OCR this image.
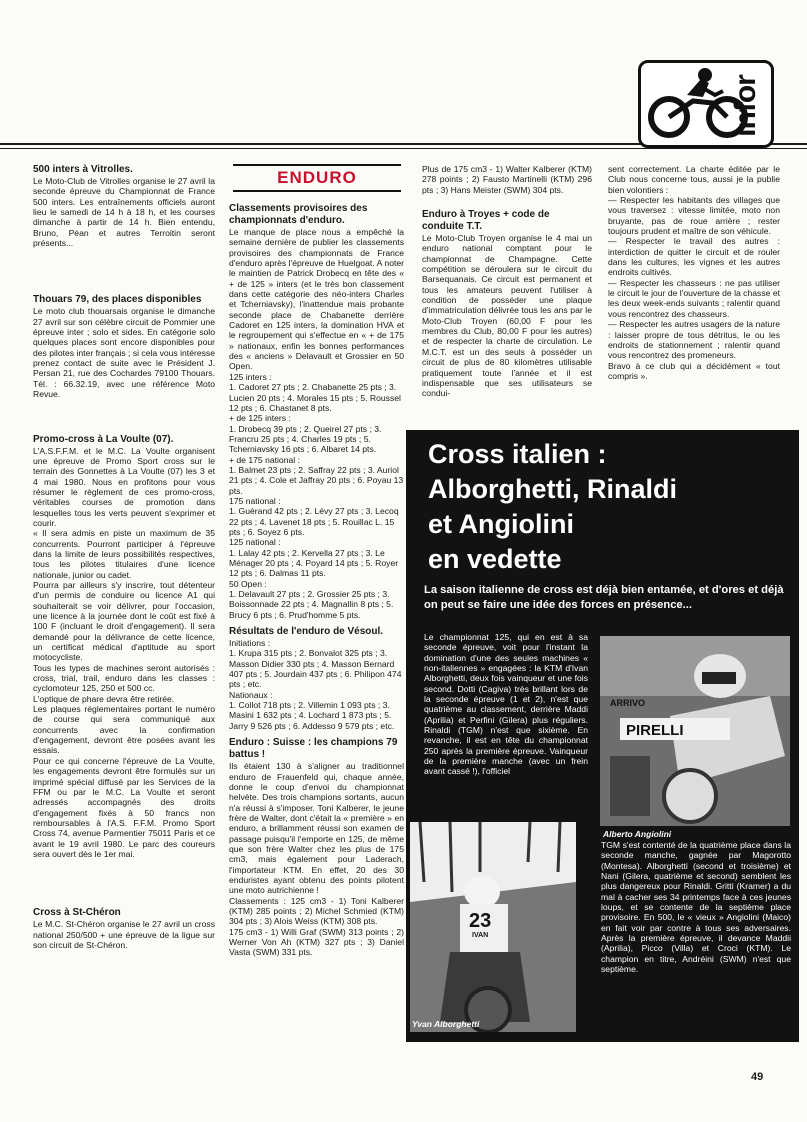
infor
500 inters à Vitrolles.

Le Moto-Club de Vitrolles organise le 27 avril la seconde épreuve du Championnat de France 500 inters. Les entraînements officiels auront lieu le samedi de 14 h à 18 h, et les courses dimanche à partir de 14 h. Bien entendu, Bruno, Péan et autres Terroitin seront présents...

Thouars 79, des places disponibles

Le moto club thouarsais organise le dimanche 27 avril sur son célèbre circuit de Pommier une épreuve inter ; solo et sides. En catégorie solo quelques places sont encore disponibles pour des pilotes inter français ; si cela vous intéresse prenez contact de suite avec le Président J. Persan 21, rue des Cochardes 79100 Thouars. Tél. : 66.32.19, avec une référence Moto Revue.

Promo-cross à La Voulte (07).

L'A.S.F.F.M. et le M.C. La Voulte organisent une épreuve de Promo Sport cross sur le terrain des Gonnettes à La Voulte (07) les 3 et 4 mai 1980. Nous en profitons pour vous résumer le règlement de ces promo-cross, véritables courses de promotion dans lesquelles tous les verts peuvent s'exprimer et courir.
« Il sera admis en piste un maximum de 35 concurrents. Pourront participer à l'épreuve dans la limite de leurs possibilités respectives, tous les pilotes titulaires d'une licence nationale, junior ou cadet.
Pourra par ailleurs s'y inscrire, tout détenteur d'un permis de conduire ou licence A1 qui souhaiterait se voir délivrer, pour l'occasion, une licence à la journée dont le coût est fixé à 100 F (incluant le droit d'engagement). Il sera demandé pour la délivrance de cette licence, un certificat médical d'aptitude au sport motocycliste.
Tous les types de machines seront autorisés : cross, trial, trail, enduro dans les classes : cyclomoteur 125, 250 et 500 cc.
L'optique de phare devra être retirée.
Les plaques réglementaires portant le numéro de course qui sera communiqué aux concurrents avec la confirmation d'engagement, devront être posées avant les essais.
Pour ce qui concerne l'épreuve de La Voulte, les engagements devront être formulés sur un imprimé spécial diffusé par les Services de la FFM ou par le M.C. La Voulte et seront adressés accompagnés des droits d'engagement fixés à 50 francs non remboursables à l'A.S. F.F.M. Promo Sport Cross 74, avenue Parmentier 75011 Paris et ce avant le 19 avril 1980. Le parc des coureurs sera ouvert dès le 1er mai.

Cross à St-Chéron

Le M.C. St-Chéron organise le 27 avril un cross national 250/500 + une épreuve de la ligue sur son circuit de St-Chéron.

ENDURO
Classements provisoires des championnats d'enduro.

Le manque de place nous a empêché la semaine dernière de publier les classements provisoires des championnats de France d'enduro après l'épreuve de Huelgoat. A noter le maintien de Patrick Drobecq en tête des « + de 125 » inters (et le très bon classement dans cette catégorie des néo-inters Charles et Tcherniavsky), l'inattendue mais probante seconde place de Chabanette derrière Cadoret en 125 inters, la domination HVA et le regroupement qui s'effectue en « + de 175 » nationaux, enfin les bonnes performances des « anciens » Delavault et Grossier en 50 Open.

125 inters :
1. Cadoret 27 pts ; 2. Chabanette 25 pts ; 3. Lucien 20 pts ; 4. Morales 15 pts ; 5. Roussel 12 pts ; 6. Chastanet 8 pts.
+ de 125 inters :
1. Drobecq 39 pts ; 2. Queirel 27 pts ; 3. Francru 25 pts ; 4. Charles 19 pts ; 5. Tcherniavsky 16 pts ; 6. Albaret 14 pts.
+ de 175 national :
1. Balmet 23 pts ; 2. Saffray 22 pts ; 3. Auriol 21 pts ; 4. Cole et Jaffray 20 pts ; 6. Poyau 13 pts.
175 national :
1. Guérand 42 pts ; 2. Lévy 27 pts ; 3. Lecoq 22 pts ; 4. Lavenet 18 pts ; 5. Rouillac L. 15 pts ; 6. Soyez 6 pts.
125 national :
1. Lalay 42 pts ; 2. Kervella 27 pts ; 3. Le Ménager 20 pts ; 4. Poyard 14 pts ; 5. Royer 12 pts ; 6. Dalmas 11 pts.
50 Open :
1. Delavault 27 pts ; 2. Grossier 25 pts ; 3. Boissonnade 22 pts ; 4. Magnallin 8 pts ; 5. Brucy 6 pts ; 6. Prud'homme 5 pts.

Résultats de l'enduro de Vésoul.

Initiations :
1. Krupa 315 pts ; 2. Bonvalot 325 pts ; 3. Masson Didier 330 pts ; 4. Masson Bernard 407 pts ; 5. Jourdain 437 pts ; 6. Philipon 474 pts ; etc.
Nationaux :
1. Collot 718 pts ; 2. Villemin 1 093 pts ; 3. Masini 1 632 pts ; 4. Lochard 1 873 pts ; 5. Jarry 9 526 pts ; 6. Addesso 9 579 pts ; etc.

Enduro : Suisse : les champions 79 battus !

Ils étaient 130 à s'aligner au traditionnel enduro de Frauenfeld qui, chaque année, donne le coup d'envoi du championnat helvète. Des trois champions sortants, aucun n'a réussi à s'imposer. Toni Kalberer, le jeune frère de Walter, dont c'était la « première » en enduro, a brillamment réussi son examen de passage puisqu'il l'emporte en 125, de même que son frère Walter chez les plus de 175 cm3, mais également pour Laderach, l'importateur KTM. En effet, 20 des 30 enduristes ayant obtenu des points pilotent une moto autrichienne !
Classements : 125 cm3 - 1) Toni Kalberer (KTM) 285 points ; 2) Michel Schmied (KTM) 304 pts ; 3) Alois Weiss (KTM) 308 pts.
175 cm3 - 1) Willi Graf (SWM) 313 points ; 2) Werner Von Ah (KTM) 327 pts ; 3) Daniel Vasta (SWM) 331 pts.

Plus de 175 cm3 - 1) Walter Kalberer (KTM) 278 points ; 2) Fausto Martinelli (KTM) 296 pts ; 3) Hans Meister (SWM) 304 pts.

Enduro à Troyes + code de conduite T.T.

Le Moto-Club Troyen organise le 4 mai un enduro national comptant pour le championnat de Champagne. Cette compétition se déroulera sur le circuit du Barsequanais. Ce circuit est permanent et tous les amateurs peuvent l'utiliser à condition de posséder une plaque d'immatriculation délivrée tous les ans par le Moto-Club Troyen (60,00 F pour les membres du Club, 80,00 F pour les autres) et de respecter la charte de circulation. Le M.C.T. est un des seuls à posséder un circuit de plus de 80 kilomètres utilisable pratiquement toute l'année et il est indispensable que ses utilisateurs se condui-

sent correctement. La charte éditée par le Club nous concerne tous, aussi je la publie bien volontiers :
— Respecter les habitants des villages que vous traversez : vitesse limitée, moto non bruyante, pas de roue arrière ; rester toujours prudent et maître de son véhicule.
— Respecter le travail des autres : interdiction de quitter le circuit et de rouler dans les cultures, les vignes et les autres endroits cultivés.
— Respecter les chasseurs : ne pas utiliser le circuit le jour de l'ouverture de la chasse et les deux week-ends suivants ; ralentir quand vous rencontrez des chasseurs.
— Respecter les autres usagers de la nature : laisser propre de tous détritus, le ou les endroits de stationnement ; ralentir quand vous rencontrez des promeneurs.
Bravo à ce club qui a décidément « tout compris ».

Cross italien :
Alborghetti, Rinaldi
et Angiolini
en vedette
La saison italienne de cross est déjà bien entamée, et d'ores et déjà on peut se faire une idée des forces en présence...

Le championnat 125, qui en est à sa seconde épreuve, voit pour l'instant la domination d'une des seules machines « non-italiennes » engagées : la KTM d'Ivan Alborghetti, deux fois vainqueur et une fois second. Dotti (Cagiva) très brillant lors de la seconde épreuve (1 et 2), n'est que quatrième au classement, derrière Maddi (Aprilia) et Perfini (Gilera) plus réguliers. Rinaldi (TGM) n'est que sixième. En revanche, il est en tête du championnat 250 après la première épreuve. Vainqueur de la première manche (avec un frein avant cassé !), l'officiel

PIRELLI
ARRIVO
Alberto Angiolini
23
IVAN
Yvan Alborghetti

TGM s'est contenté de la quatrième place dans la seconde manche, gagnée par Magorotto (Montesa). Alborghetti (second et troisième) et Nani (Gilera, quatrième et second) semblent les plus dangereux pour Rinaldi. Gritti (Kramer) a du mal à cacher ses 34 printemps face à ces jeunes loups, et se contente de la septième place provisoire. En 500, le « vieux » Angiolini (Maico) en fait voir par contre à tous ses adversaires. Après la première épreuve, il devance Maddii (Aprilia), Picco (Villa) et Croci (KTM). Le champion en titre, Andréini (SWM) n'est que septième.

49
